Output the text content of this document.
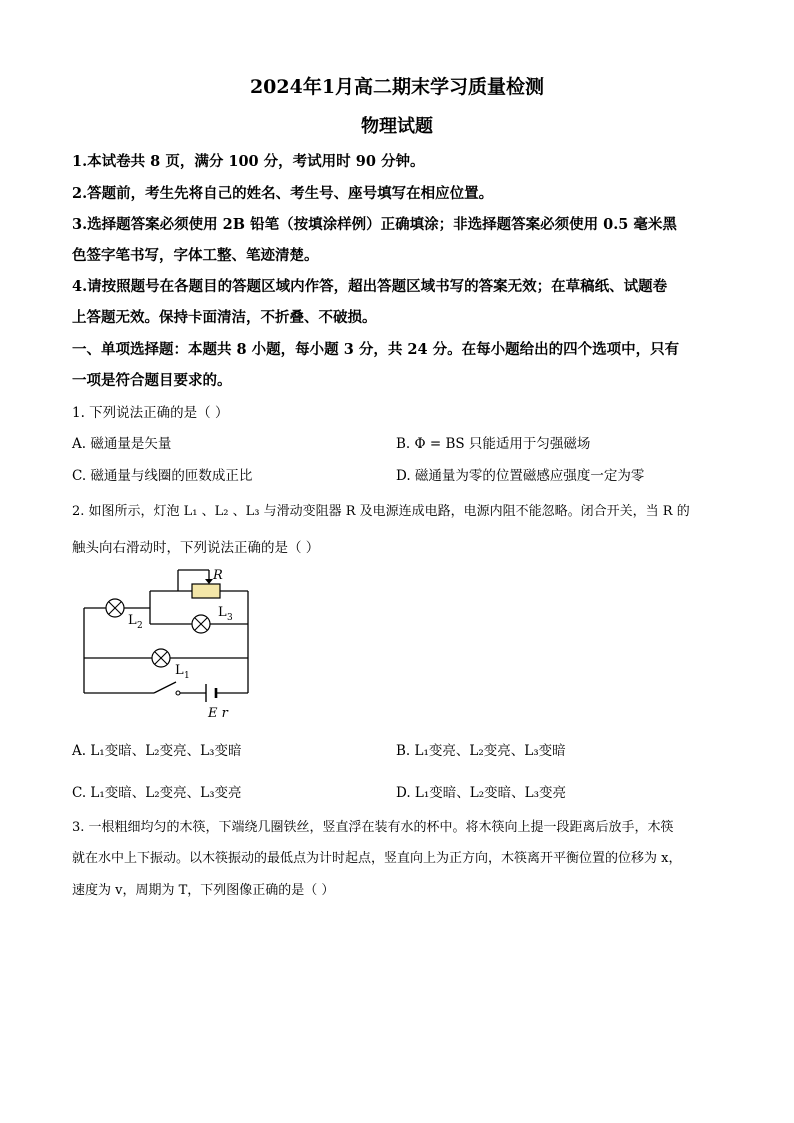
2024年1月高二期末学习质量检测
物理试题
1.本试卷共 8 页，满分 100 分，考试用时 90 分钟。
2.答题前，考生先将自己的姓名、考生号、座号填写在相应位置。
3.选择题答案必须使用 2B 铅笔（按填涂样例）正确填涂；非选择题答案必须使用 0.5 毫米黑
色签字笔书写，字体工整、笔迹清楚。
4.请按照题号在各题目的答题区域内作答，超出答题区域书写的答案无效；在草稿纸、试题卷
上答题无效。保持卡面清洁，不折叠、不破损。
一、单项选择题：本题共 8 小题，每小题 3 分，共 24 分。在每小题给出的四个选项中，只有
一项是符合题目要求的。
1. 下列说法正确的是（ ）
A. 磁通量是矢量	B. Φ = BS 只能适用于匀强磁场
C. 磁通量与线圈的匝数成正比	D. 磁通量为零的位置磁感应强度一定为零
2. 如图所示，灯泡 L₁ 、L₂ 、L₃ 与滑动变阻器 R 及电源连成电路，电源内阻不能忽略。闭合开关，当 R 的
触头向右滑动时，下列说法正确的是（ ）
R
L 2
L 3
L 1
E r
A. L₁变暗、L₂变亮、L₃变暗	B. L₁变亮、L₂变亮、L₃变暗
C. L₁变暗、L₂变亮、L₃变亮	D. L₁变暗、L₂变暗、L₃变亮
3. 一根粗细均匀的木筷，下端绕几圈铁丝，竖直浮在装有水的杯中。将木筷向上提一段距离后放手，木筷
就在水中上下振动。以木筷振动的最低点为计时起点，竖直向上为正方向，木筷离开平衡位置的位移为 x，
速度为 v，周期为 T，下列图像正确的是（ ）
